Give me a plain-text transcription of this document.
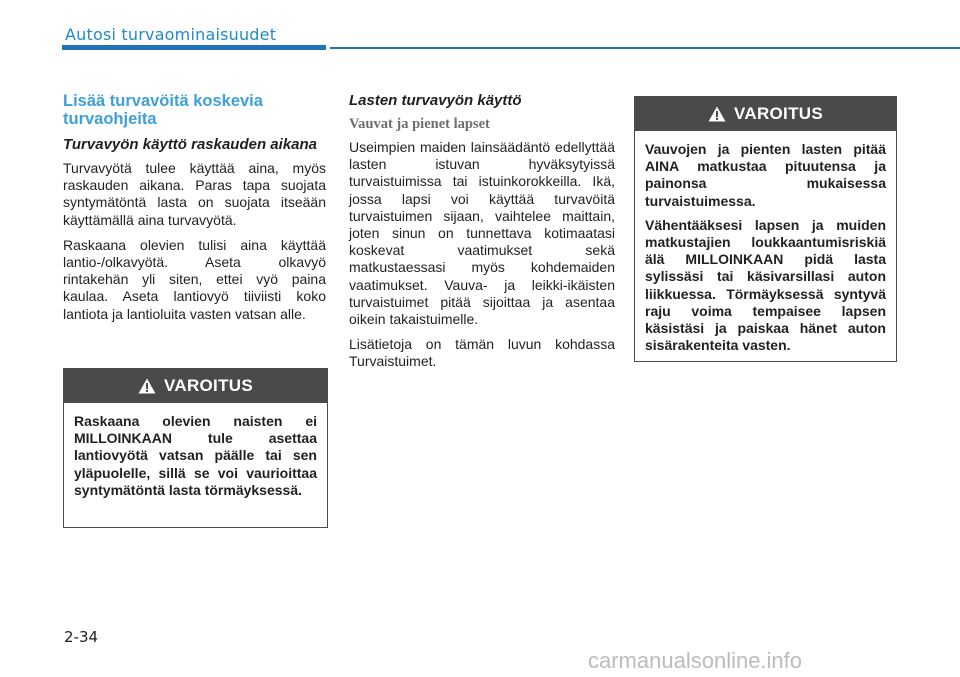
Autosi turvaominaisuudet
Lisää turvavöitä koskevia turvaohjeita
Turvavyön käyttö raskauden aikana

Turvavyötä tulee käyttää aina, myös raskauden aikana. Paras tapa suojata syntymätöntä lasta on suojata itseään käyttämällä aina turvavyötä.

Raskaana olevien tulisi aina käyttää lantio-/olkavyötä. Aseta olkavyö rintakehän yli siten, ettei vyö paina kaulaa. Aseta lantiovyö tiiviisti koko lantiota ja lantioluita vasten vatsan alle.

VAROITUS

Raskaana olevien naisten ei MILLOINKAAN tule asettaa lantiovyötä vatsan päälle tai sen yläpuolelle, sillä se voi vaurioittaa syntymätöntä lasta törmäyksessä.

Lasten turvavyön käyttö
Vauvat ja pienet lapset

Useimpien maiden lainsäädäntö edellyttää lasten istuvan hyväksytyissä turvaistuimissa tai istuinkorokkeilla. Ikä, jossa lapsi voi käyttää turvavöitä turvaistuimen sijaan, vaihtelee maittain, joten sinun on tunnettava kotimaatasi koskevat vaatimukset sekä matkustaessasi myös kohdemaiden vaatimukset. Vauva- ja leikki-ikäisten turvaistuimet pitää sijoittaa ja asentaa oikein takaistuimelle.

Lisätietoja on tämän luvun kohdassa Turvaistuimet.

VAROITUS

Vauvojen ja pienten lasten pitää AINA matkustaa pituutensa ja painonsa mukaisessa turvaistuimessa.

Vähentääksesi lapsen ja muiden matkustajien loukkaantumisriskiä älä MILLOINKAAN pidä lasta sylissäsi tai käsivarsillasi auton liikkuessa. Törmäyksessä syntyvä raju voima tempaisee lapsen käsistäsi ja paiskaa hänet auton sisärakenteita vasten.

2-34
carmanualsonline.info
